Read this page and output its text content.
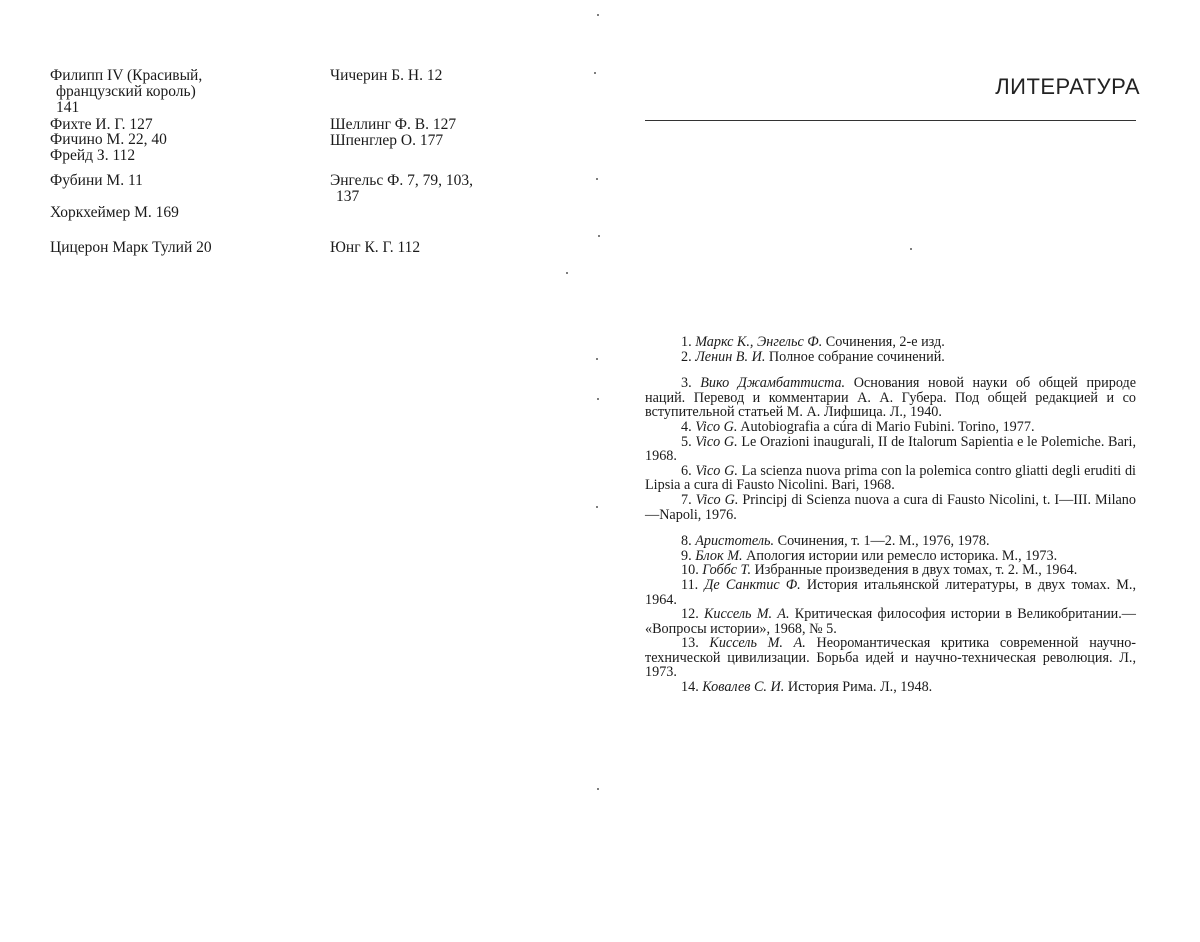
Филипп IV (Красивый,
французский король)
141
Фихте И. Г. 127
Фичино М. 22, 40
Фрейд З. 112
Фубини М. 11
Хоркхеймер М. 169
Цицерон Марк Тулий 20
Чичерин Б. Н. 12
Шеллинг Ф. В. 127
Шпенглер О. 177
Энгельс Ф. 7, 79, 103,
137
Юнг К. Г. 112
ЛИТЕРАТУРА

1. Маркс К., Энгельс Ф. Сочинения, 2-е изд.

2. Ленин В. И. Полное собрание сочинений.

3. Вико Джамбаттиста. Основания новой науки об общей природе наций. Перевод и комментарии А. А. Губера. Под общей редакцией и со вступительной статьей М. А. Лифшица. Л., 1940.

4. Vico G. Autobiografia a cúra di Mario Fubini. Torino, 1977.

5. Vico G. Le Orazioni inaugurali, II de Italorum Sapientia e le Polemiche. Bari, 1968.

6. Vico G. La scienza nuova prima con la polemica contro gliatti degli eruditi di Lipsia a cura di Fausto Nicolini. Bari, 1968.

7. Vico G. Principj di Scienza nuova a cura di Fausto Nicolini, t. I—III. Milano—Napoli, 1976.

8. Аристотель. Сочинения, т. 1—2. М., 1976, 1978.

9. Блок М. Апология истории или ремесло историка. М., 1973.

10. Гоббс Т. Избранные произведения в двух томах, т. 2. М., 1964.

11. Де Санктис Ф. История итальянской литературы, в двух томах. М., 1964.

12. Киссель М. А. Критическая философия истории в Великобритании.— «Вопросы истории», 1968, № 5.

13. Киссель М. А. Неоромантическая критика современной научно-технической цивилизации. Борьба идей и научно-техническая революция. Л., 1973.

14. Ковалев С. И. История Рима. Л., 1948.
